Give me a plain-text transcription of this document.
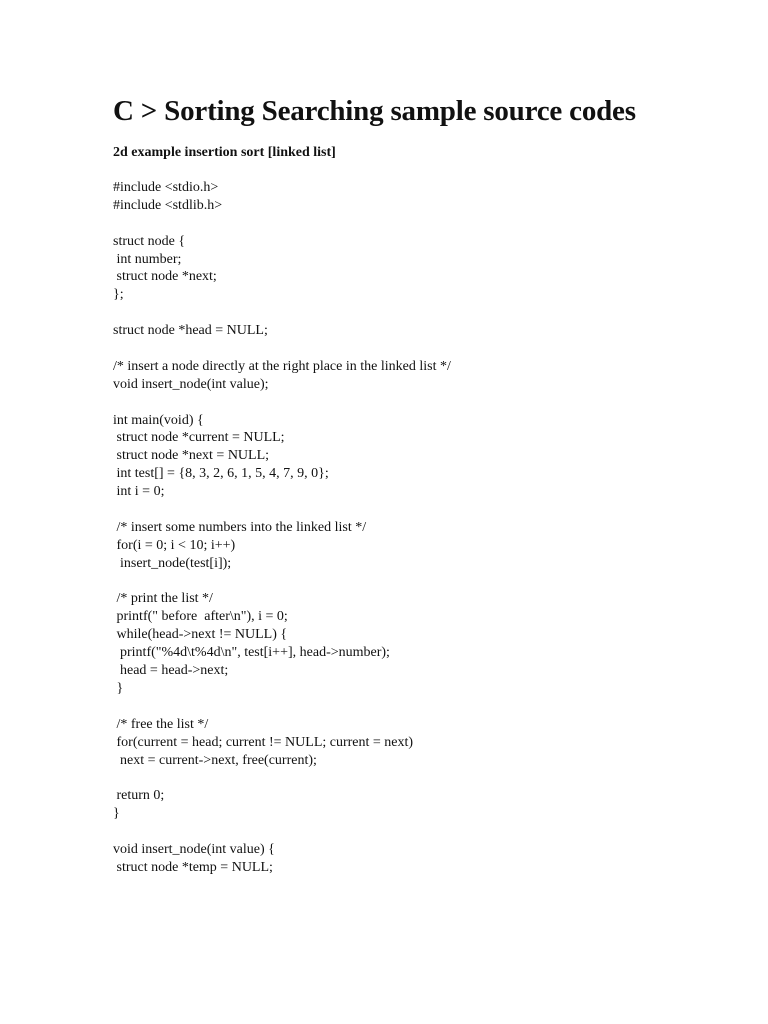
C > Sorting Searching sample source codes
2d example insertion sort [linked list]
#include <stdio.h>
#include <stdlib.h>
struct node {
int number;
struct node *next;
};
struct node *head = NULL;
/* insert a node directly at the right place in the linked list */
void insert_node(int value);
int main(void) {
struct node *current = NULL;
struct node *next = NULL;
int test[] = {8, 3, 2, 6, 1, 5, 4, 7, 9, 0};
int i = 0;
/* insert some numbers into the linked list */
for(i = 0; i < 10; i++)
insert_node(test[i]);
/* print the list */
printf(" before  after\n"), i = 0;
while(head->next != NULL) {
printf("%4d\t%4d\n", test[i++], head->number);
head = head->next;
}
/* free the list */
for(current = head; current != NULL; current = next)
next = current->next, free(current);
return 0;
}
void insert_node(int value) {
struct node *temp = NULL;
